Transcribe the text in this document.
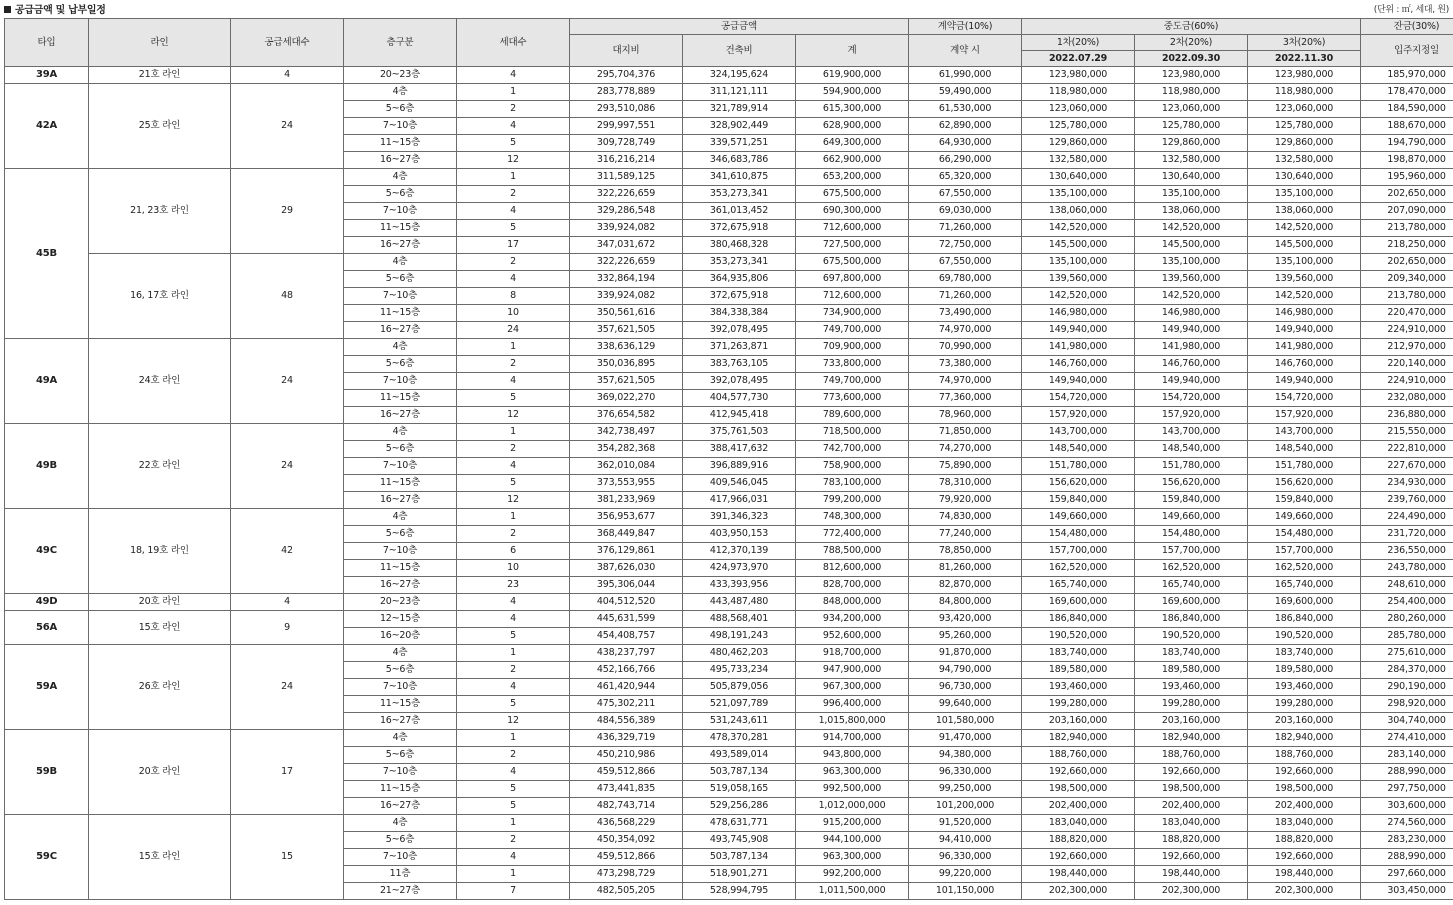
공급금액 및 납부일정	(단위 : ㎡, 세대, 원)
타입	라인	공급세대수	층구분	세대수	공급금액			계약금(10%)	중도금(60%)			잔금(30%)
					대지비	건축비	계	계약 시	1차(20%)	2차(20%)	3차(20%)	입주지정일
									2022.07.29	2022.09.30	2022.11.30	
39A	21호 라인	4	20~23층	4	295,704,376	324,195,624	619,900,000	61,990,000	123,980,000	123,980,000	123,980,000	185,970,000
42A	25호 라인	24	4층	1	283,778,889	311,121,111	594,900,000	59,490,000	118,980,000	118,980,000	118,980,000	178,470,000
			5~6층	2	293,510,086	321,789,914	615,300,000	61,530,000	123,060,000	123,060,000	123,060,000	184,590,000
			7~10층	4	299,997,551	328,902,449	628,900,000	62,890,000	125,780,000	125,780,000	125,780,000	188,670,000
			11~15층	5	309,728,749	339,571,251	649,300,000	64,930,000	129,860,000	129,860,000	129,860,000	194,790,000
			16~27층	12	316,216,214	346,683,786	662,900,000	66,290,000	132,580,000	132,580,000	132,580,000	198,870,000
45B	21, 23호 라인	29	4층	1	311,589,125	341,610,875	653,200,000	65,320,000	130,640,000	130,640,000	130,640,000	195,960,000
			5~6층	2	322,226,659	353,273,341	675,500,000	67,550,000	135,100,000	135,100,000	135,100,000	202,650,000
			7~10층	4	329,286,548	361,013,452	690,300,000	69,030,000	138,060,000	138,060,000	138,060,000	207,090,000
			11~15층	5	339,924,082	372,675,918	712,600,000	71,260,000	142,520,000	142,520,000	142,520,000	213,780,000
			16~27층	17	347,031,672	380,468,328	727,500,000	72,750,000	145,500,000	145,500,000	145,500,000	218,250,000
	16, 17호 라인	48	4층	2	322,226,659	353,273,341	675,500,000	67,550,000	135,100,000	135,100,000	135,100,000	202,650,000
			5~6층	4	332,864,194	364,935,806	697,800,000	69,780,000	139,560,000	139,560,000	139,560,000	209,340,000
			7~10층	8	339,924,082	372,675,918	712,600,000	71,260,000	142,520,000	142,520,000	142,520,000	213,780,000
			11~15층	10	350,561,616	384,338,384	734,900,000	73,490,000	146,980,000	146,980,000	146,980,000	220,470,000
			16~27층	24	357,621,505	392,078,495	749,700,000	74,970,000	149,940,000	149,940,000	149,940,000	224,910,000
49A	24호 라인	24	4층	1	338,636,129	371,263,871	709,900,000	70,990,000	141,980,000	141,980,000	141,980,000	212,970,000
			5~6층	2	350,036,895	383,763,105	733,800,000	73,380,000	146,760,000	146,760,000	146,760,000	220,140,000
			7~10층	4	357,621,505	392,078,495	749,700,000	74,970,000	149,940,000	149,940,000	149,940,000	224,910,000
			11~15층	5	369,022,270	404,577,730	773,600,000	77,360,000	154,720,000	154,720,000	154,720,000	232,080,000
			16~27층	12	376,654,582	412,945,418	789,600,000	78,960,000	157,920,000	157,920,000	157,920,000	236,880,000
49B	22호 라인	24	4층	1	342,738,497	375,761,503	718,500,000	71,850,000	143,700,000	143,700,000	143,700,000	215,550,000
			5~6층	2	354,282,368	388,417,632	742,700,000	74,270,000	148,540,000	148,540,000	148,540,000	222,810,000
			7~10층	4	362,010,084	396,889,916	758,900,000	75,890,000	151,780,000	151,780,000	151,780,000	227,670,000
			11~15층	5	373,553,955	409,546,045	783,100,000	78,310,000	156,620,000	156,620,000	156,620,000	234,930,000
			16~27층	12	381,233,969	417,966,031	799,200,000	79,920,000	159,840,000	159,840,000	159,840,000	239,760,000
49C	18, 19호 라인	42	4층	1	356,953,677	391,346,323	748,300,000	74,830,000	149,660,000	149,660,000	149,660,000	224,490,000
			5~6층	2	368,449,847	403,950,153	772,400,000	77,240,000	154,480,000	154,480,000	154,480,000	231,720,000
			7~10층	6	376,129,861	412,370,139	788,500,000	78,850,000	157,700,000	157,700,000	157,700,000	236,550,000
			11~15층	10	387,626,030	424,973,970	812,600,000	81,260,000	162,520,000	162,520,000	162,520,000	243,780,000
			16~27층	23	395,306,044	433,393,956	828,700,000	82,870,000	165,740,000	165,740,000	165,740,000	248,610,000
49D	20호 라인	4	20~23층	4	404,512,520	443,487,480	848,000,000	84,800,000	169,600,000	169,600,000	169,600,000	254,400,000
56A	15호 라인	9	12~15층	4	445,631,599	488,568,401	934,200,000	93,420,000	186,840,000	186,840,000	186,840,000	280,260,000
			16~20층	5	454,408,757	498,191,243	952,600,000	95,260,000	190,520,000	190,520,000	190,520,000	285,780,000
59A	26호 라인	24	4층	1	438,237,797	480,462,203	918,700,000	91,870,000	183,740,000	183,740,000	183,740,000	275,610,000
			5~6층	2	452,166,766	495,733,234	947,900,000	94,790,000	189,580,000	189,580,000	189,580,000	284,370,000
			7~10층	4	461,420,944	505,879,056	967,300,000	96,730,000	193,460,000	193,460,000	193,460,000	290,190,000
			11~15층	5	475,302,211	521,097,789	996,400,000	99,640,000	199,280,000	199,280,000	199,280,000	298,920,000
			16~27층	12	484,556,389	531,243,611	1,015,800,000	101,580,000	203,160,000	203,160,000	203,160,000	304,740,000
59B	20호 라인	17	4층	1	436,329,719	478,370,281	914,700,000	91,470,000	182,940,000	182,940,000	182,940,000	274,410,000
			5~6층	2	450,210,986	493,589,014	943,800,000	94,380,000	188,760,000	188,760,000	188,760,000	283,140,000
			7~10층	4	459,512,866	503,787,134	963,300,000	96,330,000	192,660,000	192,660,000	192,660,000	288,990,000
			11~15층	5	473,441,835	519,058,165	992,500,000	99,250,000	198,500,000	198,500,000	198,500,000	297,750,000
			16~27층	5	482,743,714	529,256,286	1,012,000,000	101,200,000	202,400,000	202,400,000	202,400,000	303,600,000
59C	15호 라인	15	4층	1	436,568,229	478,631,771	915,200,000	91,520,000	183,040,000	183,040,000	183,040,000	274,560,000
			5~6층	2	450,354,092	493,745,908	944,100,000	94,410,000	188,820,000	188,820,000	188,820,000	283,230,000
			7~10층	4	459,512,866	503,787,134	963,300,000	96,330,000	192,660,000	192,660,000	192,660,000	288,990,000
			11층	1	473,298,729	518,901,271	992,200,000	99,220,000	198,440,000	198,440,000	198,440,000	297,660,000
			21~27층	7	482,505,205	528,994,795	1,011,500,000	101,150,000	202,300,000	202,300,000	202,300,000	303,450,000
